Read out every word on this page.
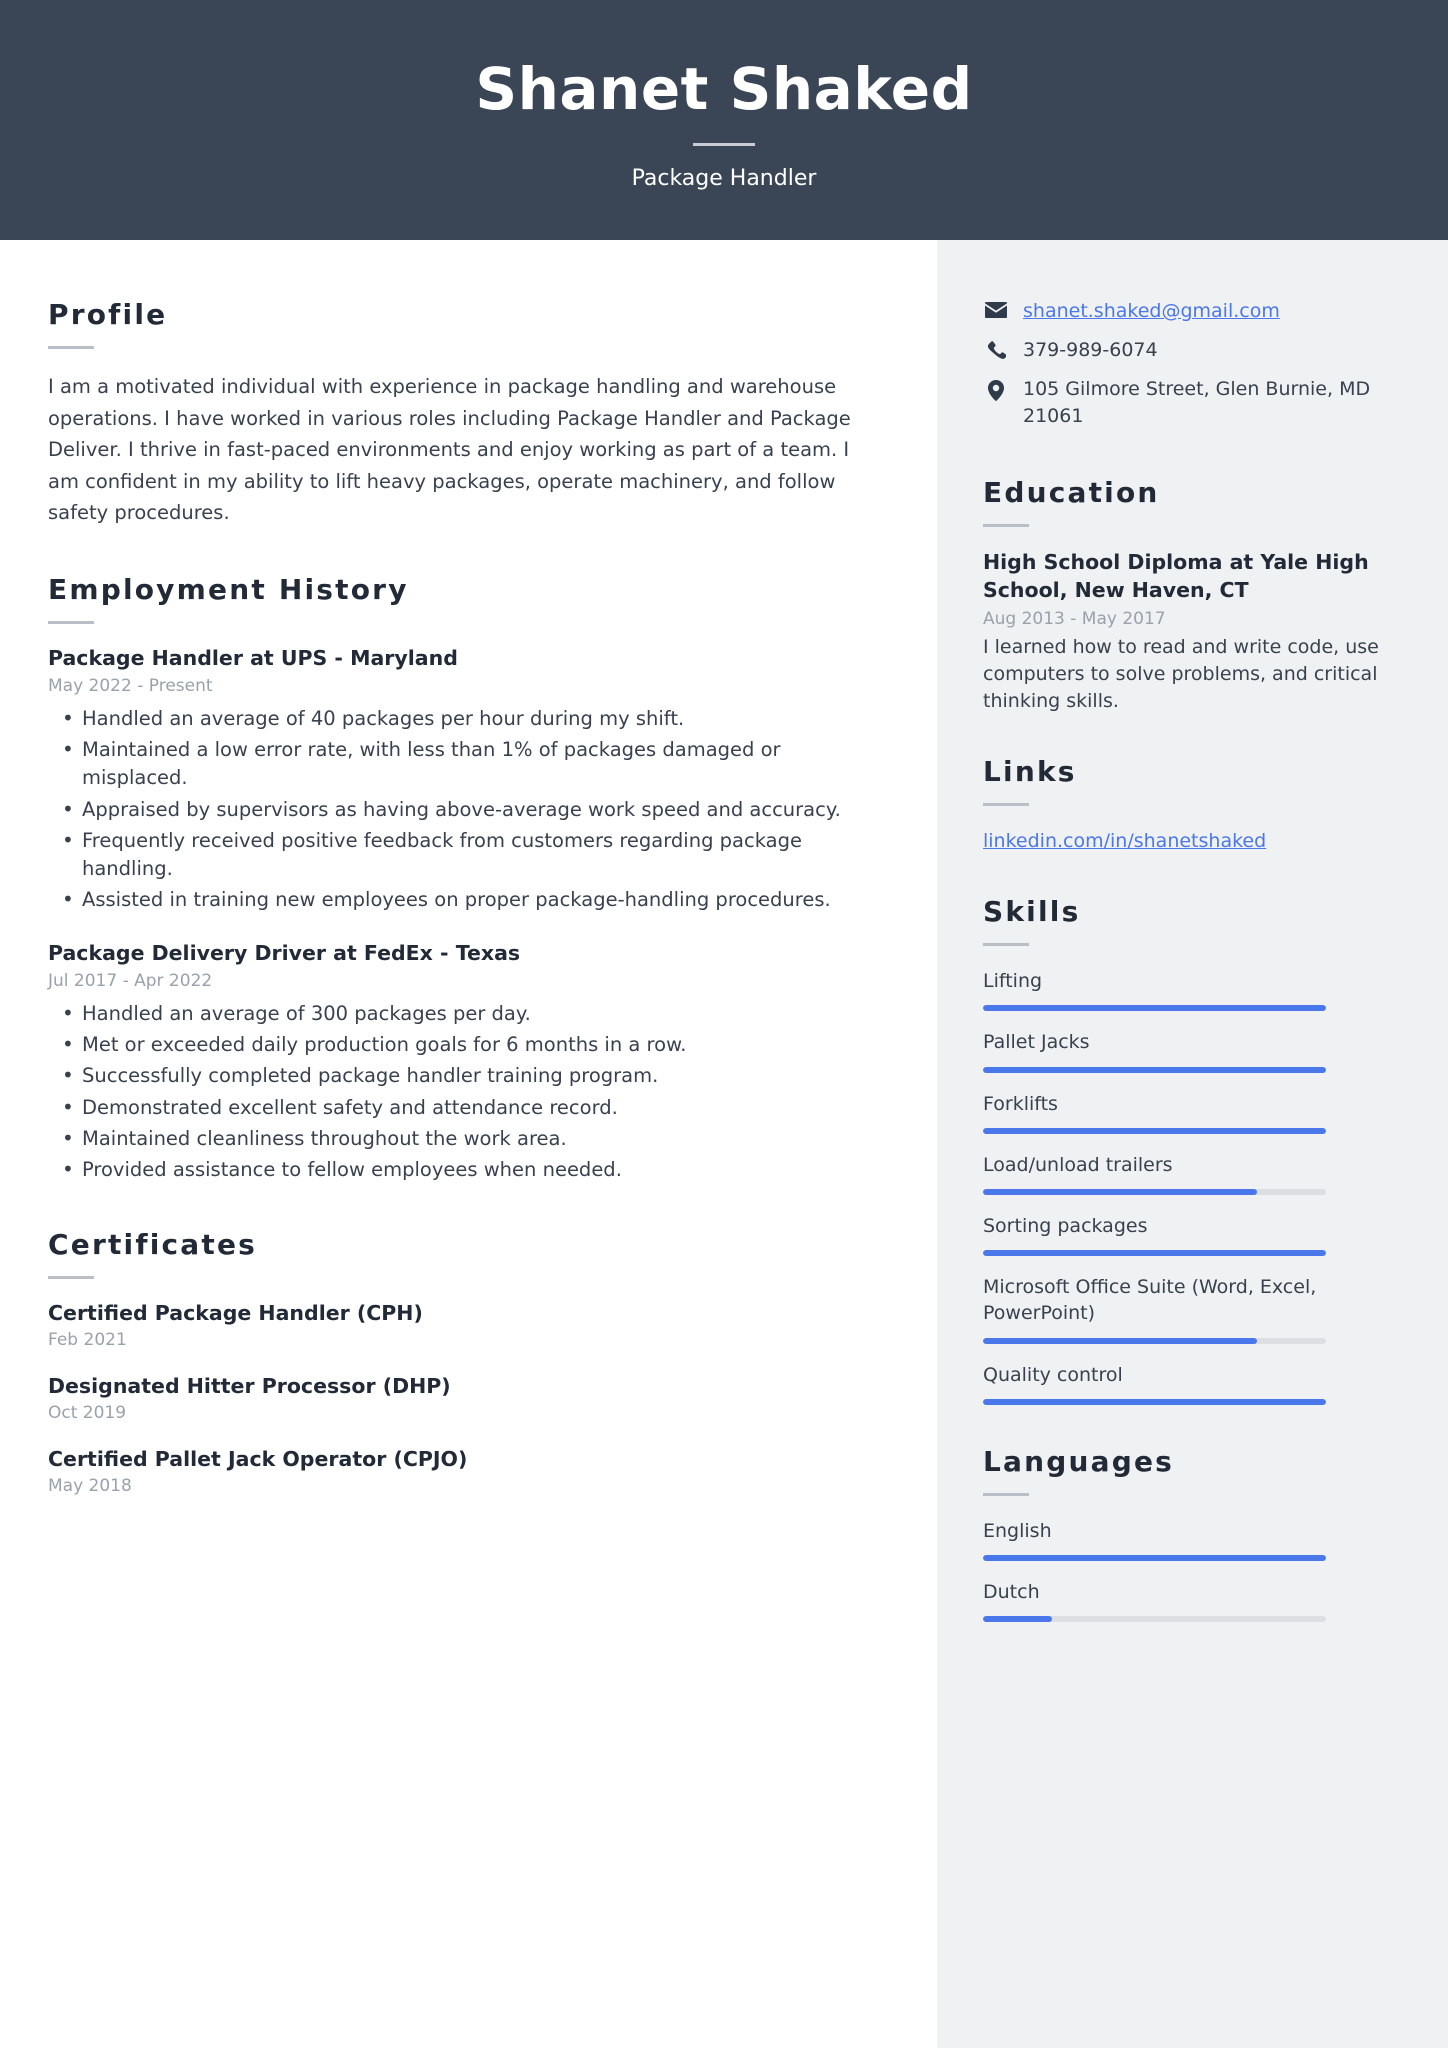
Shanet Shaked
Package Handler
Profile
I am a motivated individual with experience in package handling and warehouse operations. I have worked in various roles including Package Handler and Package Deliver. I thrive in fast-paced environments and enjoy working as part of a team. I am confident in my ability to lift heavy packages, operate machinery, and follow safety procedures.
Employment History
Package Handler at UPS - Maryland
May 2022 - Present
• Handled an average of 40 packages per hour during my shift.
• Maintained a low error rate, with less than 1% of packages damaged or misplaced.
• Appraised by supervisors as having above-average work speed and accuracy.
• Frequently received positive feedback from customers regarding package handling.
• Assisted in training new employees on proper package-handling procedures.
Package Delivery Driver at FedEx - Texas
Jul 2017 - Apr 2022
• Handled an average of 300 packages per day.
• Met or exceeded daily production goals for 6 months in a row.
• Successfully completed package handler training program.
• Demonstrated excellent safety and attendance record.
• Maintained cleanliness throughout the work area.
• Provided assistance to fellow employees when needed.
Certificates
Certified Package Handler (CPH)
Feb 2021
Designated Hitter Processor (DHP)
Oct 2019
Certified Pallet Jack Operator (CPJO)
May 2018
shanet.shaked@gmail.com
379-989-6074
105 Gilmore Street, Glen Burnie, MD 21061
Education
High School Diploma at Yale High School, New Haven, CT
Aug 2013 - May 2017
I learned how to read and write code, use computers to solve problems, and critical thinking skills.
Links
linkedin.com/in/shanetshaked
Skills
Lifting
Pallet Jacks
Forklifts
Load/unload trailers
Sorting packages
Microsoft Office Suite (Word, Excel, PowerPoint)
Quality control
Languages
English
Dutch
